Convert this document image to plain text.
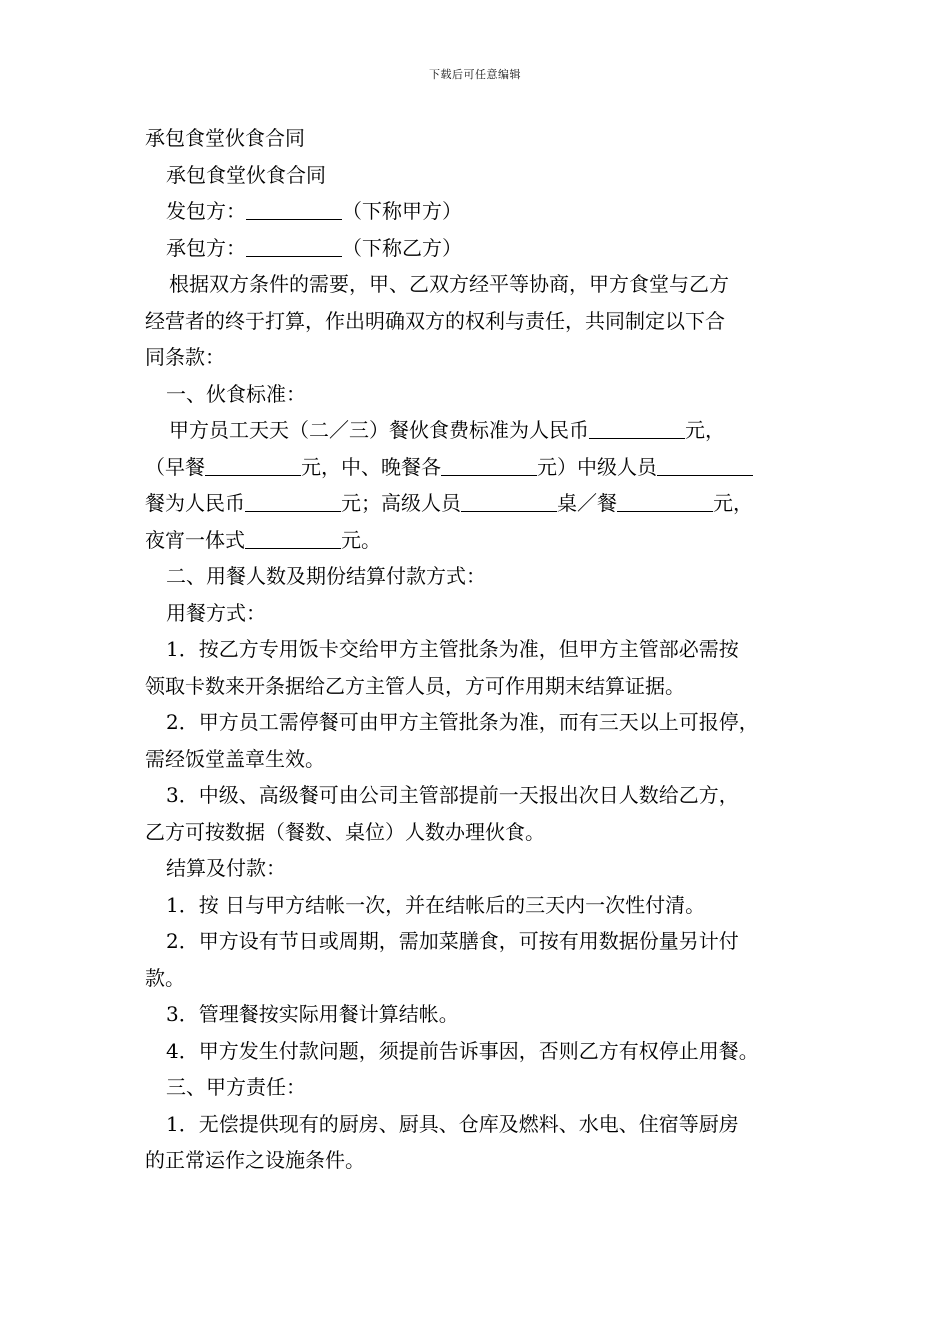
下载后可任意编辑

承包食堂伙食合同

承包食堂伙食合同

发包方：	（下称甲方）

承包方：	（下称乙方）

根据双方条件的需要，甲、乙双方经平等协商，甲方食堂与乙方

经营者的终于打算，作出明确双方的权利与责任，共同制定以下合

同条款：

一、伙食标准：

甲方员工天天（二／三）餐伙食费标准为人民币	元，

（早餐	元，中、晚餐各	元）中级人员

餐为人民币	元；高级人员	桌／餐	元，

夜宵一体式	元。

二、用餐人数及期份结算付款方式：

用餐方式：

1．按乙方专用饭卡交给甲方主管批条为准，但甲方主管部必需按

领取卡数来开条据给乙方主管人员，方可作用期末结算证据。

2．甲方员工需停餐可由甲方主管批条为准，而有三天以上可报停，

需经饭堂盖章生效。

3．中级、高级餐可由公司主管部提前一天报出次日人数给乙方，

乙方可按数据（餐数、桌位）人数办理伙食。

结算及付款：

1．按 日与甲方结帐一次，并在结帐后的三天内一次性付清。

2．甲方设有节日或周期，需加菜膳食，可按有用数据份量另计付

款。

3．管理餐按实际用餐计算结帐。

4．甲方发生付款问题，须提前告诉事因，否则乙方有权停止用餐。

三、甲方责任：

1．无偿提供现有的厨房、厨具、仓库及燃料、水电、住宿等厨房

的正常运作之设施条件。
